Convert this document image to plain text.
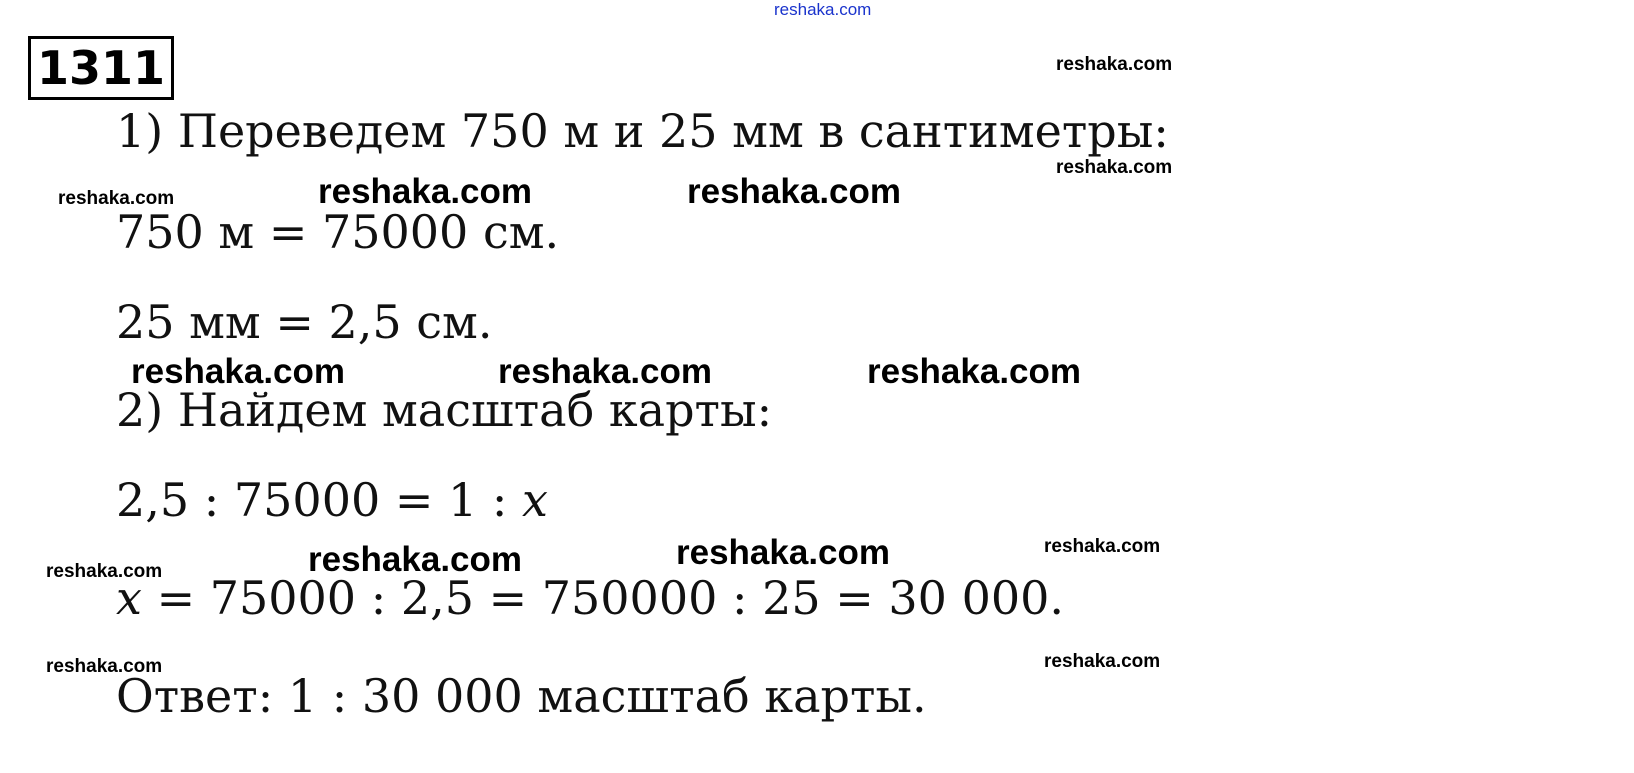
reshaka.com
1311	reshaka.com
1) Переведем 750 м и 25 мм в сантиметры:
reshaka.com
reshaka.com	reshaka.com	reshaka.com
750 м = 75000 см.
25 мм = 2,5 см.
reshaka.com	reshaka.com	reshaka.com
2) Найдем масштаб карты:
2,5 : 75000 = 1 : x
reshaka.com	reshaka.com	reshaka.com
reshaka.com
x = 75000 : 2,5 = 750000 : 25 = 30 000.
reshaka.com	reshaka.com
Ответ: 1 : 30 000 масштаб карты.
